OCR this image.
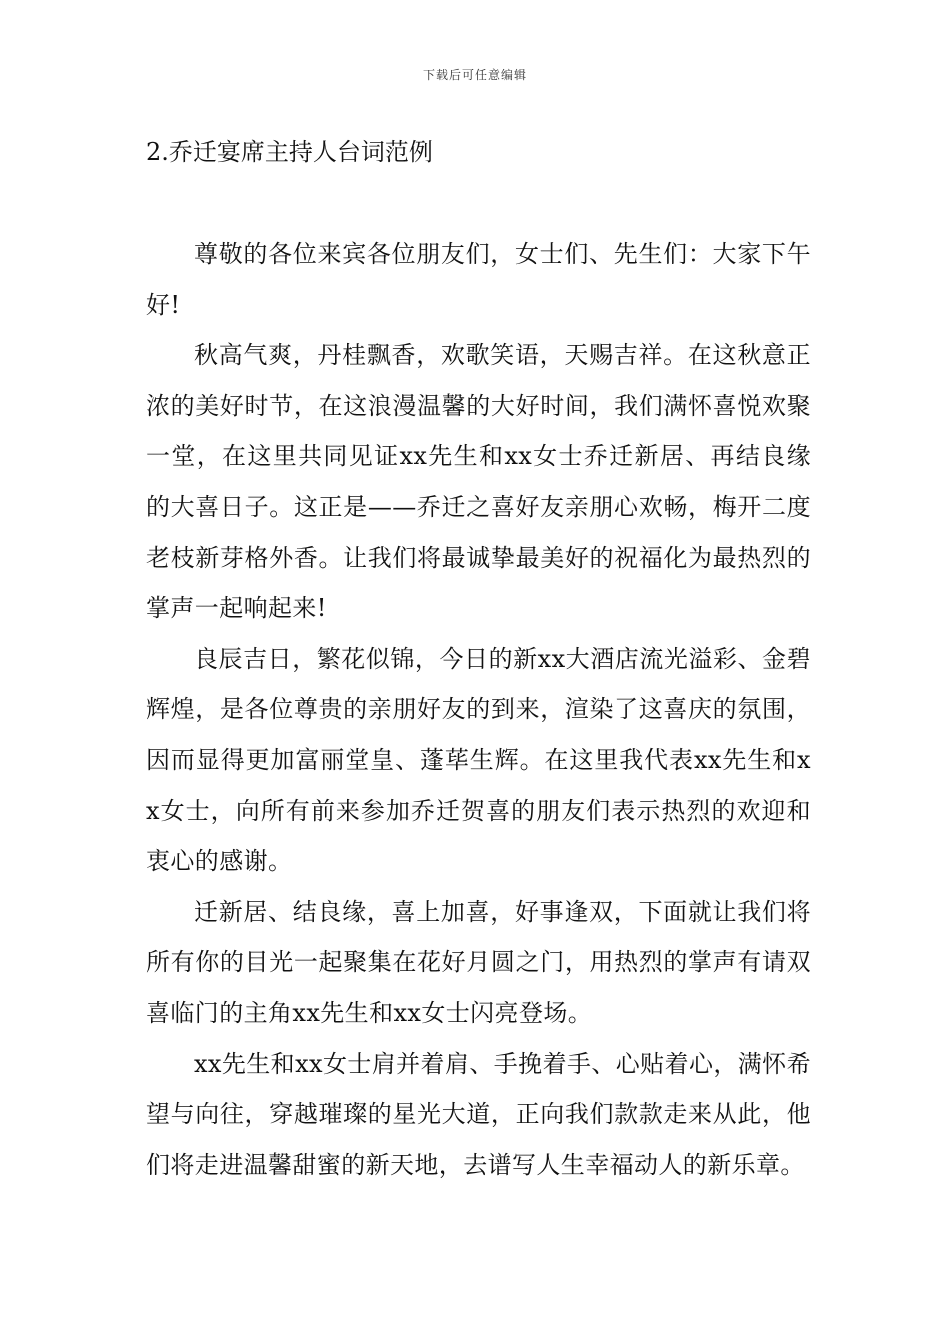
下载后可任意编辑
2.乔迁宴席主持人台词范例

尊敬的各位来宾各位朋友们，女士们、先生们：大家下午好!

秋高气爽，丹桂飘香，欢歌笑语，天赐吉祥。在这秋意正浓的美好时节，在这浪漫温馨的大好时间，我们满怀喜悦欢聚一堂，在这里共同见证xx先生和xx女士乔迁新居、再结良缘的大喜日子。这正是——乔迁之喜好友亲朋心欢畅，梅开二度老枝新芽格外香。让我们将最诚挚最美好的祝福化为最热烈的掌声一起响起来!

良辰吉日，繁花似锦，今日的新xx大酒店流光溢彩、金碧辉煌，是各位尊贵的亲朋好友的到来，渲染了这喜庆的氛围，因而显得更加富丽堂皇、蓬荜生辉。在这里我代表xx先生和xx女士，向所有前来参加乔迁贺喜的朋友们表示热烈的欢迎和衷心的感谢。

迁新居、结良缘，喜上加喜，好事逢双，下面就让我们将所有你的目光一起聚集在花好月圆之门，用热烈的掌声有请双喜临门的主角xx先生和xx女士闪亮登场。

xx先生和xx女士肩并着肩、手挽着手、心贴着心，满怀希望与向往，穿越璀璨的星光大道，正向我们款款走来从此，他们将走进温馨甜蜜的新天地，去谱写人生幸福动人的新乐章。
